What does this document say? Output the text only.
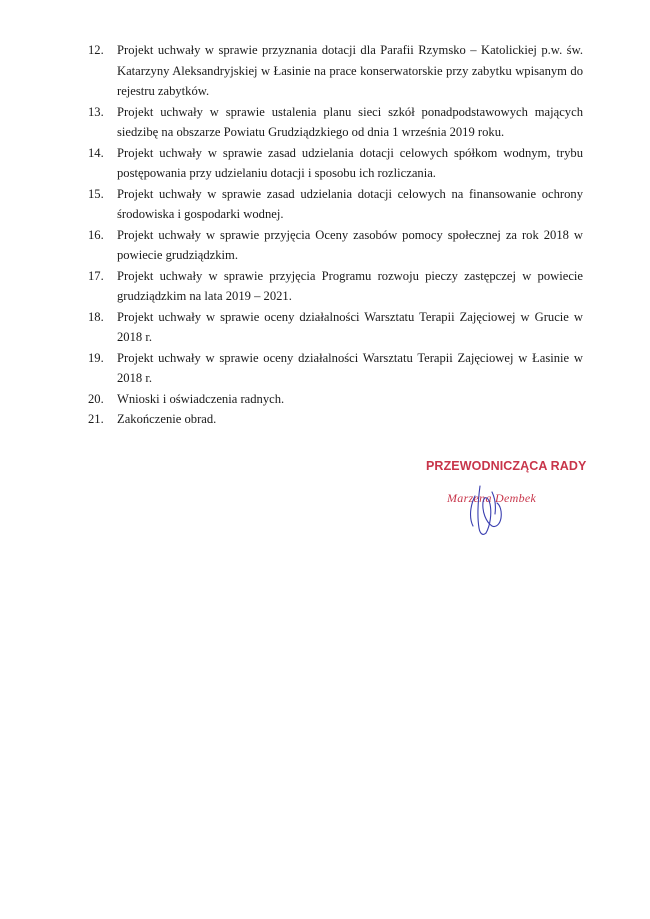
12.	Projekt uchwały w sprawie przyznania dotacji dla Parafii Rzymsko – Katolickiej p.w. św. Katarzyny Aleksandryjskiej w Łasinie na prace konserwatorskie przy zabytku wpisanym do rejestru zabytków.
13.	Projekt uchwały w sprawie ustalenia planu sieci szkół ponadpodstawowych mających siedzibę na obszarze Powiatu Grudziądzkiego od dnia 1 września 2019 roku.
14.	Projekt uchwały w sprawie zasad udzielania dotacji celowych spółkom wodnym, trybu postępowania przy udzielaniu dotacji i sposobu ich rozliczania.
15.	Projekt uchwały w sprawie zasad udzielania dotacji celowych na finansowanie ochrony środowiska i gospodarki wodnej.
16.	Projekt uchwały w sprawie przyjęcia Oceny zasobów pomocy społecznej za rok 2018 w powiecie grudziądzkim.
17.	Projekt uchwały w sprawie przyjęcia Programu rozwoju pieczy zastępczej w powiecie grudziądzkim na lata 2019 – 2021.
18.	Projekt uchwały w sprawie oceny działalności Warsztatu Terapii Zajęciowej w Grucie w 2018 r.
19.	Projekt uchwały w sprawie oceny działalności Warsztatu Terapii Zajęciowej w Łasinie w 2018 r.
20.	Wnioski i oświadczenia radnych.
21.	Zakończenie obrad.
PRZEWODNICZĄCA RADY
Marzena Dembek
